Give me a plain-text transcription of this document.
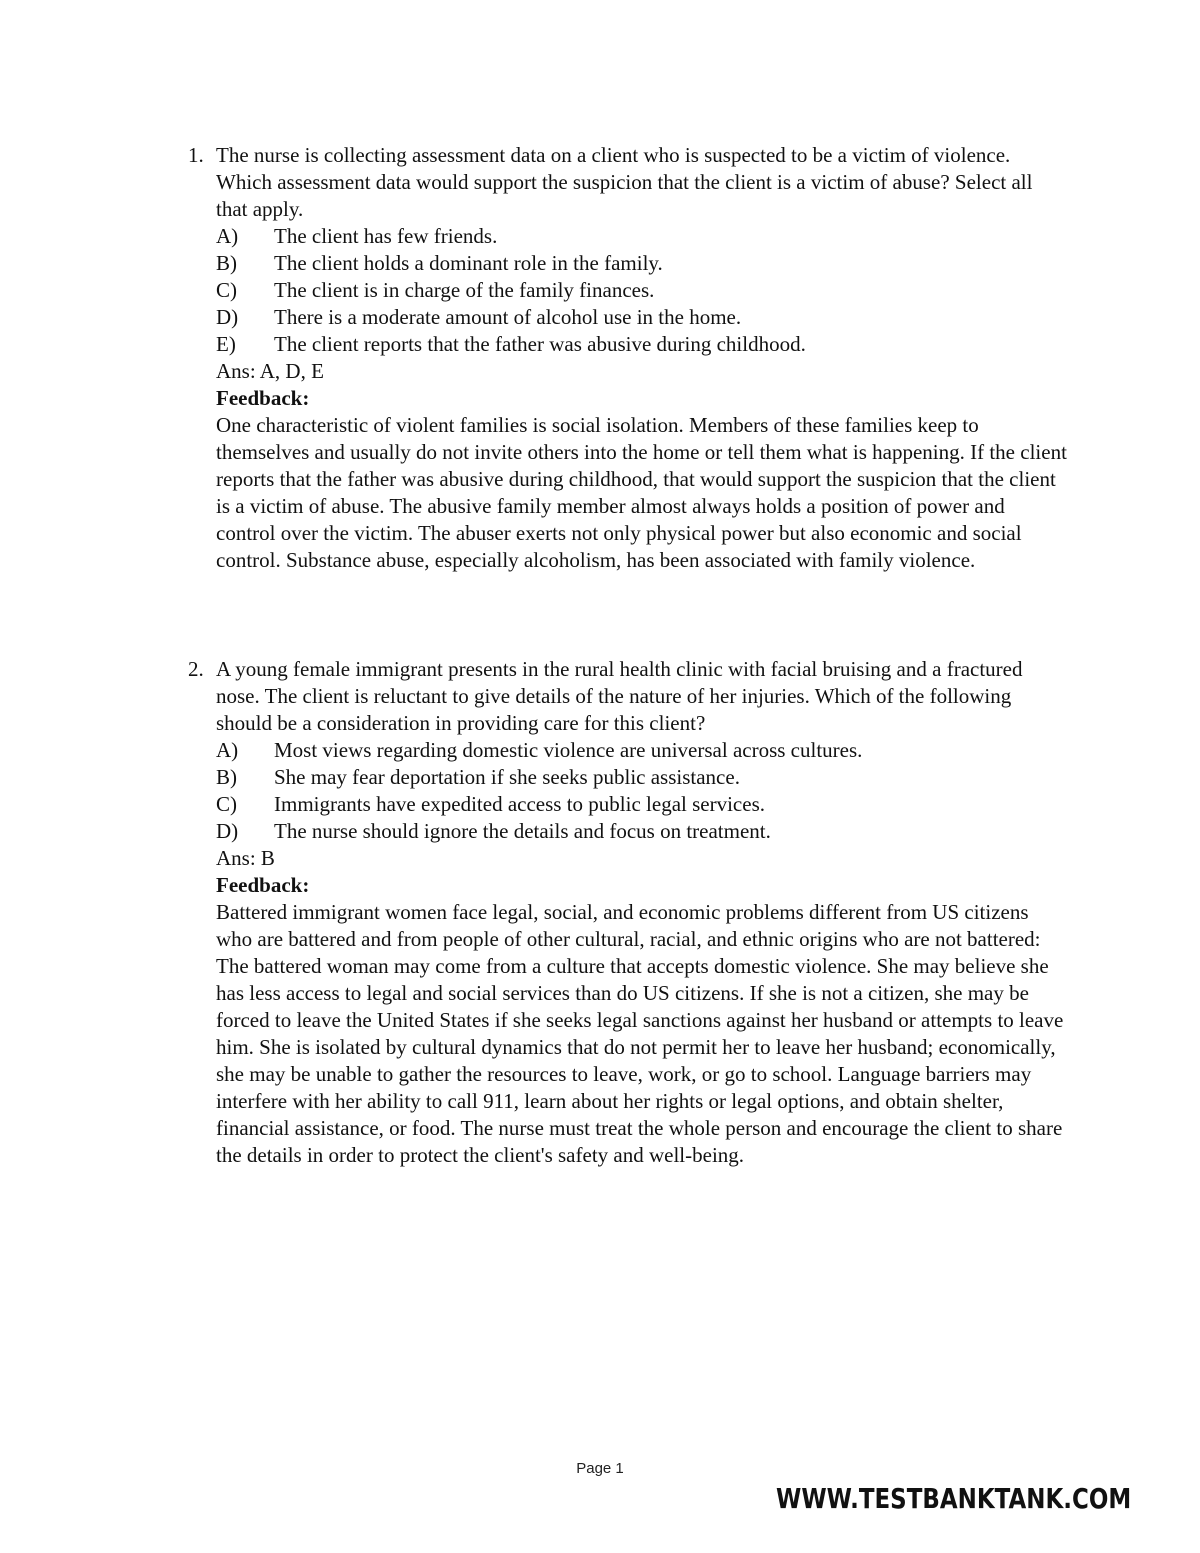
1. The nurse is collecting assessment data on a client who is suspected to be a victim of violence. Which assessment data would support the suspicion that the client is a victim of abuse? Select all that apply.

A)	The client has few friends.
B)	The client holds a dominant role in the family.
C)	The client is in charge of the family finances.
D)	There is a moderate amount of alcohol use in the home.
E)	The client reports that the father was abusive during childhood.

Ans: A, D, E

Feedback:

One characteristic of violent families is social isolation. Members of these families keep to themselves and usually do not invite others into the home or tell them what is happening. If the client reports that the father was abusive during childhood, that would support the suspicion that the client is a victim of abuse. The abusive family member almost always holds a position of power and control over the victim. The abuser exerts not only physical power but also economic and social control. Substance abuse, especially alcoholism, has been associated with family violence.

2. A young female immigrant presents in the rural health clinic with facial bruising and a fractured nose. The client is reluctant to give details of the nature of her injuries. Which of the following should be a consideration in providing care for this client?

A)	Most views regarding domestic violence are universal across cultures.
B)	She may fear deportation if she seeks public assistance.
C)	Immigrants have expedited access to public legal services.
D)	The nurse should ignore the details and focus on treatment.

Ans: B

Feedback:

Battered immigrant women face legal, social, and economic problems different from US citizens who are battered and from people of other cultural, racial, and ethnic origins who are not battered: The battered woman may come from a culture that accepts domestic violence. She may believe she has less access to legal and social services than do US citizens. If she is not a citizen, she may be forced to leave the United States if she seeks legal sanctions against her husband or attempts to leave him. She is isolated by cultural dynamics that do not permit her to leave her husband; economically, she may be unable to gather the resources to leave, work, or go to school. Language barriers may interfere with her ability to call 911, learn about her rights or legal options, and obtain shelter, financial assistance, or food. The nurse must treat the whole person and encourage the client to share the details in order to protect the client's safety and well-being.

Page 1
WWW.TESTBANKTANK.COM
